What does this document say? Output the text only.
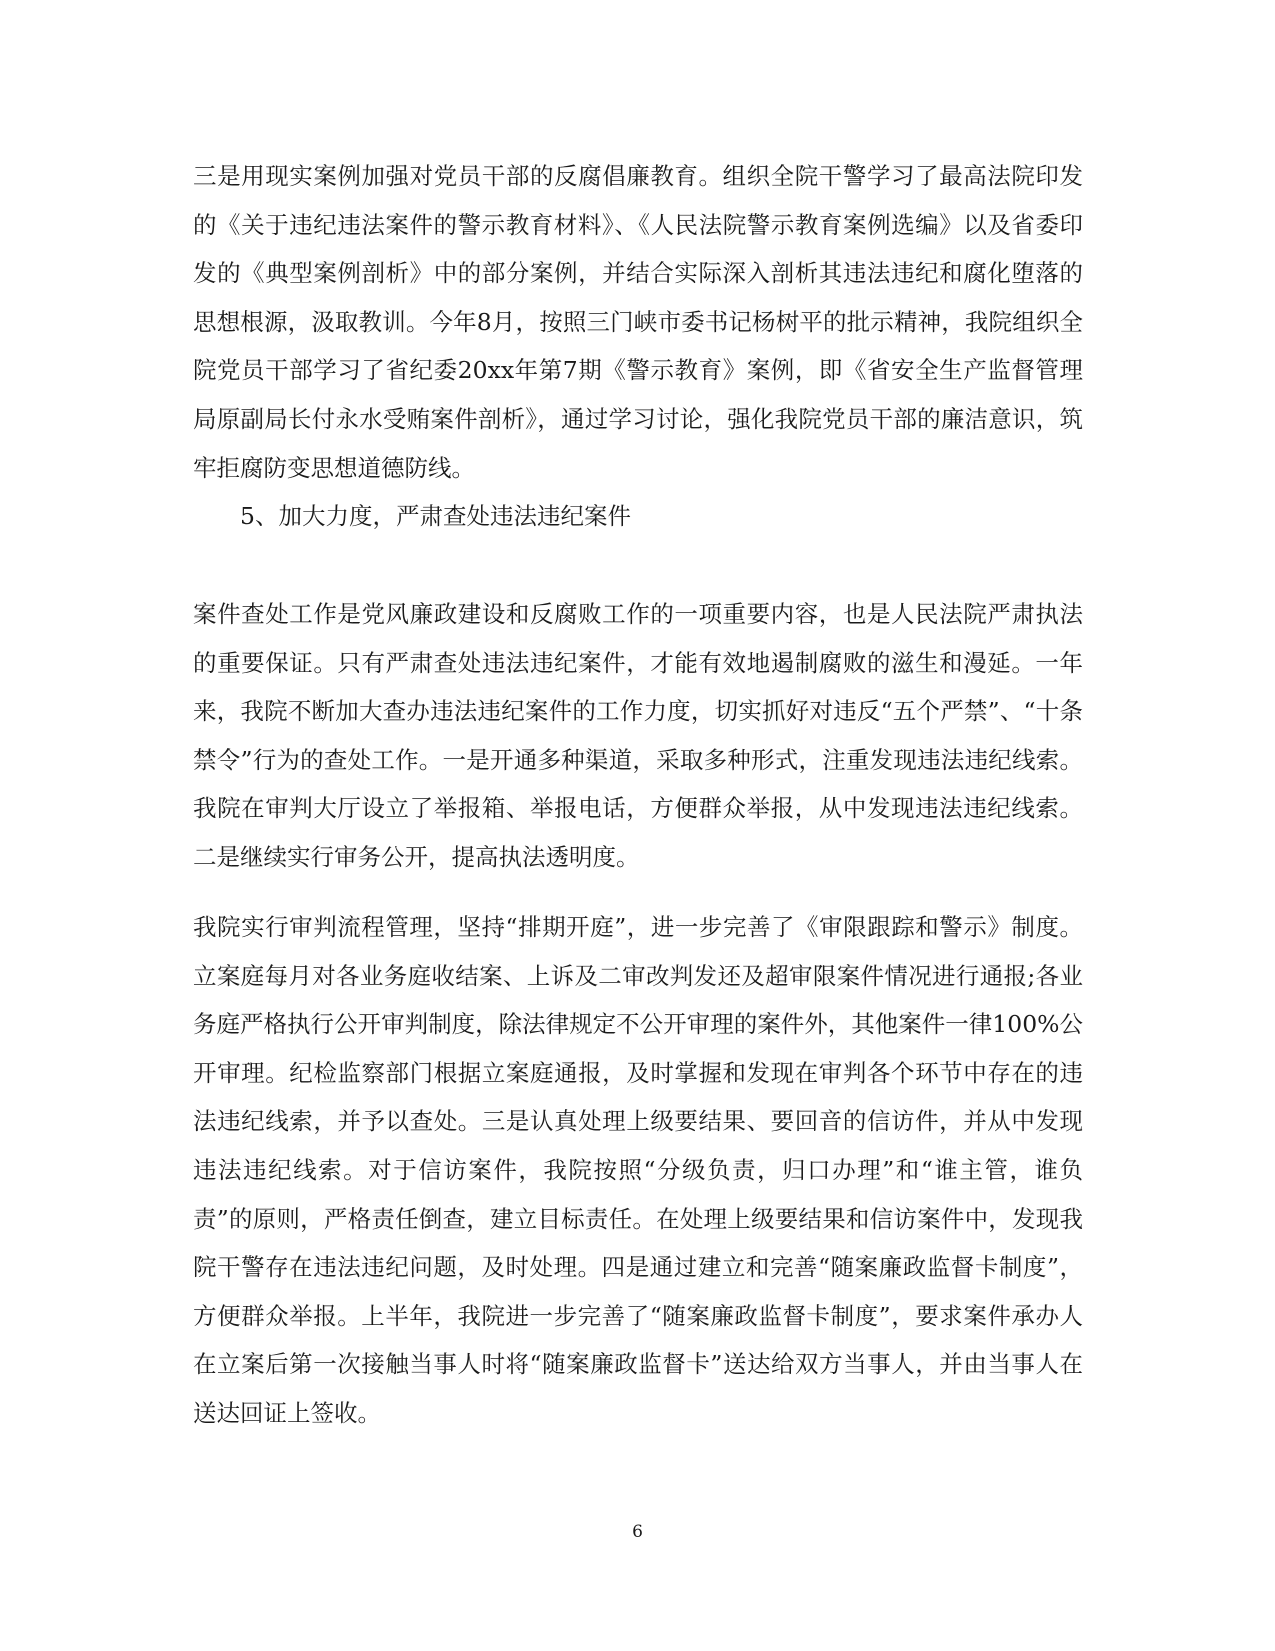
三是用现实案例加强对党员干部的反腐倡廉教育。组织全院干警学习了最高法院印发的《关于违纪违法案件的警示教育材料》、《人民法院警示教育案例选编》以及省委印发的《典型案例剖析》中的部分案例，并结合实际深入剖析其违法违纪和腐化堕落的思想根源，汲取教训。今年8月，按照三门峡市委书记杨树平的批示精神，我院组织全院党员干部学习了省纪委20xx年第7期《警示教育》案例，即《省安全生产监督管理局原副局长付永水受贿案件剖析》，通过学习讨论，强化我院党员干部的廉洁意识，筑牢拒腐防变思想道德防线。

5、加大力度，严肃查处违法违纪案件

案件查处工作是党风廉政建设和反腐败工作的一项重要内容，也是人民法院严肃执法的重要保证。只有严肃查处违法违纪案件，才能有效地遏制腐败的滋生和漫延。一年来，我院不断加大查办违法违纪案件的工作力度，切实抓好对违反“五个严禁”、“十条禁令”行为的查处工作。一是开通多种渠道，采取多种形式，注重发现违法违纪线索。我院在审判大厅设立了举报箱、举报电话，方便群众举报，从中发现违法违纪线索。二是继续实行审务公开，提高执法透明度。

我院实行审判流程管理，坚持“排期开庭”，进一步完善了《审限跟踪和警示》制度。立案庭每月对各业务庭收结案、上诉及二审改判发还及超审限案件情况进行通报;各业务庭严格执行公开审判制度，除法律规定不公开审理的案件外，其他案件一律100%公开审理。纪检监察部门根据立案庭通报，及时掌握和发现在审判各个环节中存在的违法违纪线索，并予以查处。三是认真处理上级要结果、要回音的信访件，并从中发现违法违纪线索。对于信访案件，我院按照“分级负责，归口办理”和“谁主管，谁负责”的原则，严格责任倒查，建立目标责任。在处理上级要结果和信访案件中，发现我院干警存在违法违纪问题，及时处理。四是通过建立和完善“随案廉政监督卡制度”，方便群众举报。上半年，我院进一步完善了“随案廉政监督卡制度”，要求案件承办人在立案后第一次接触当事人时将“随案廉政监督卡”送达给双方当事人，并由当事人在送达回证上签收。

6
